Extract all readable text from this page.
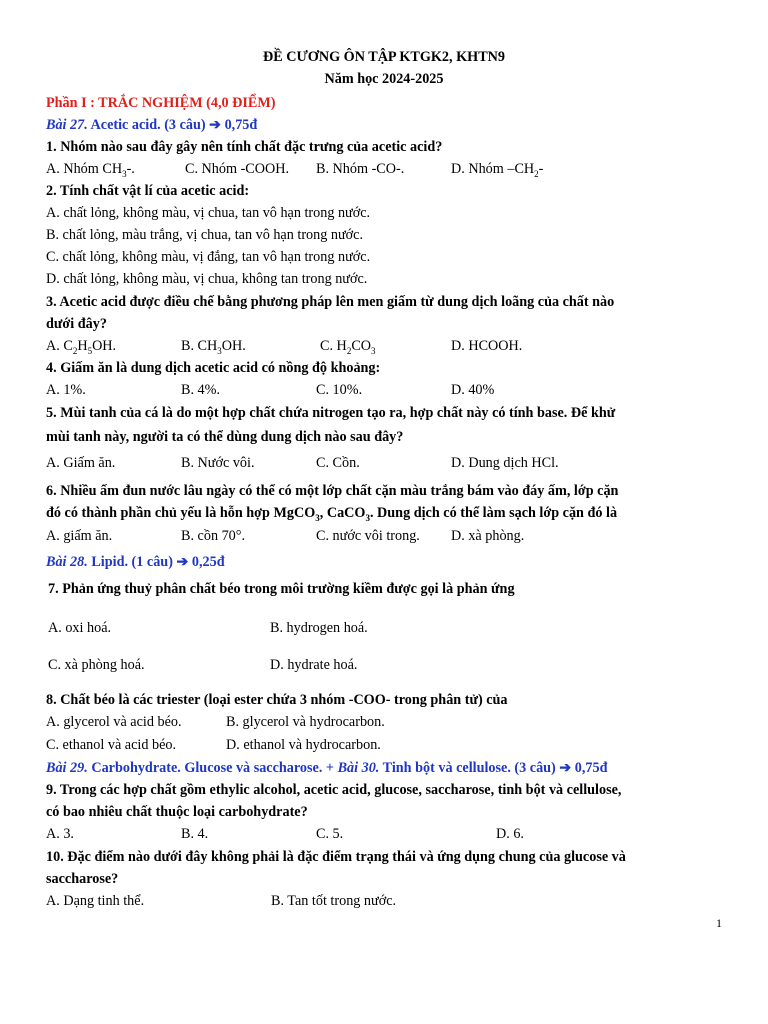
ĐỀ CƯƠNG ÔN TẬP KTGK2, KHTN9
Năm học 2024-2025
Phần I : TRẮC NGHIỆM (4,0 ĐIỂM)
Bài 27. Acetic acid. (3 câu) ➔ 0,75đ
1. Nhóm nào sau đây gây nên tính chất đặc trưng của acetic acid?
A. Nhóm $CH_3-$.	C. Nhóm -COOH. B. Nhóm -CO-.	D. Nhóm $-CH_2-$
2. Tính chất vật lí của acetic acid:
A. chất lỏng, không màu, vị chua, tan vô hạn trong nước.
B. chất lỏng, màu trắng, vị chua, tan vô hạn trong nước.
C. chất lỏng, không màu, vị đắng, tan vô hạn trong nước.
D. chất lỏng, không màu, vị chua, không tan trong nước.
3. Acetic acid được điều chế bằng phương pháp lên men giấm từ dung dịch loãng của chất nào
dưới đây?
A. $C_2H_5OH$.	B. $CH_3OH$.	C. $H_2CO_3$	D. HCOOH.
4. Giấm ăn là dung dịch acetic acid có nồng độ khoảng:
A. 1%.	B. 4%.	C. 10%.	D. 40%
5. Mùi tanh của cá là do một hợp chất chứa nitrogen tạo ra, hợp chất này có tính base. Để khử
mùi tanh này, người ta có thể dùng dung dịch nào sau đây?
A. Giấm ăn.	B. Nước vôi.	C. Cồn.	D. Dung dịch HCl.
6. Nhiều ấm đun nước lâu ngày có thể có một lớp chất cặn màu trắng bám vào đáy ấm, lớp cặn
đó có thành phần chủ yếu là hỗn hợp MgCO$_3$, CaCO$_3$. Dung dịch có thể làm sạch lớp cặn đó là
A. giấm ăn.	B. cồn 70°.	C. nước vôi trong. D. xà phòng.
Bài 28. Lipid. (1 câu) ➔ 0,25đ
7. Phản ứng thuỷ phân chất béo trong môi trường kiềm được gọi là phản ứng
A. oxi hoá.	B. hydrogen hoá.
C. xà phòng hoá.	D. hydrate hoá.
8. Chất béo là các triester (loại ester chứa 3 nhóm -COO- trong phân tử) của
A. glycerol và acid béo.	B. glycerol và hydrocarbon.
C. ethanol và acid béo.	D. ethanol và hydrocarbon.
Bài 29. Carbohydrate. Glucose và saccharose. + Bài 30. Tinh bột và cellulose. (3 câu) ➔ 0,75đ
9. Trong các hợp chất gồm ethylic alcohol, acetic acid, glucose, saccharose, tinh bột và cellulose,
có bao nhiêu chất thuộc loại carbohydrate?
A. 3.	B. 4.	C. 5.	D. 6.
10. Đặc điểm nào dưới đây không phải là đặc điểm trạng thái và ứng dụng chung của glucose và
saccharose?
A. Dạng tinh thể.	B. Tan tốt trong nước.
1
